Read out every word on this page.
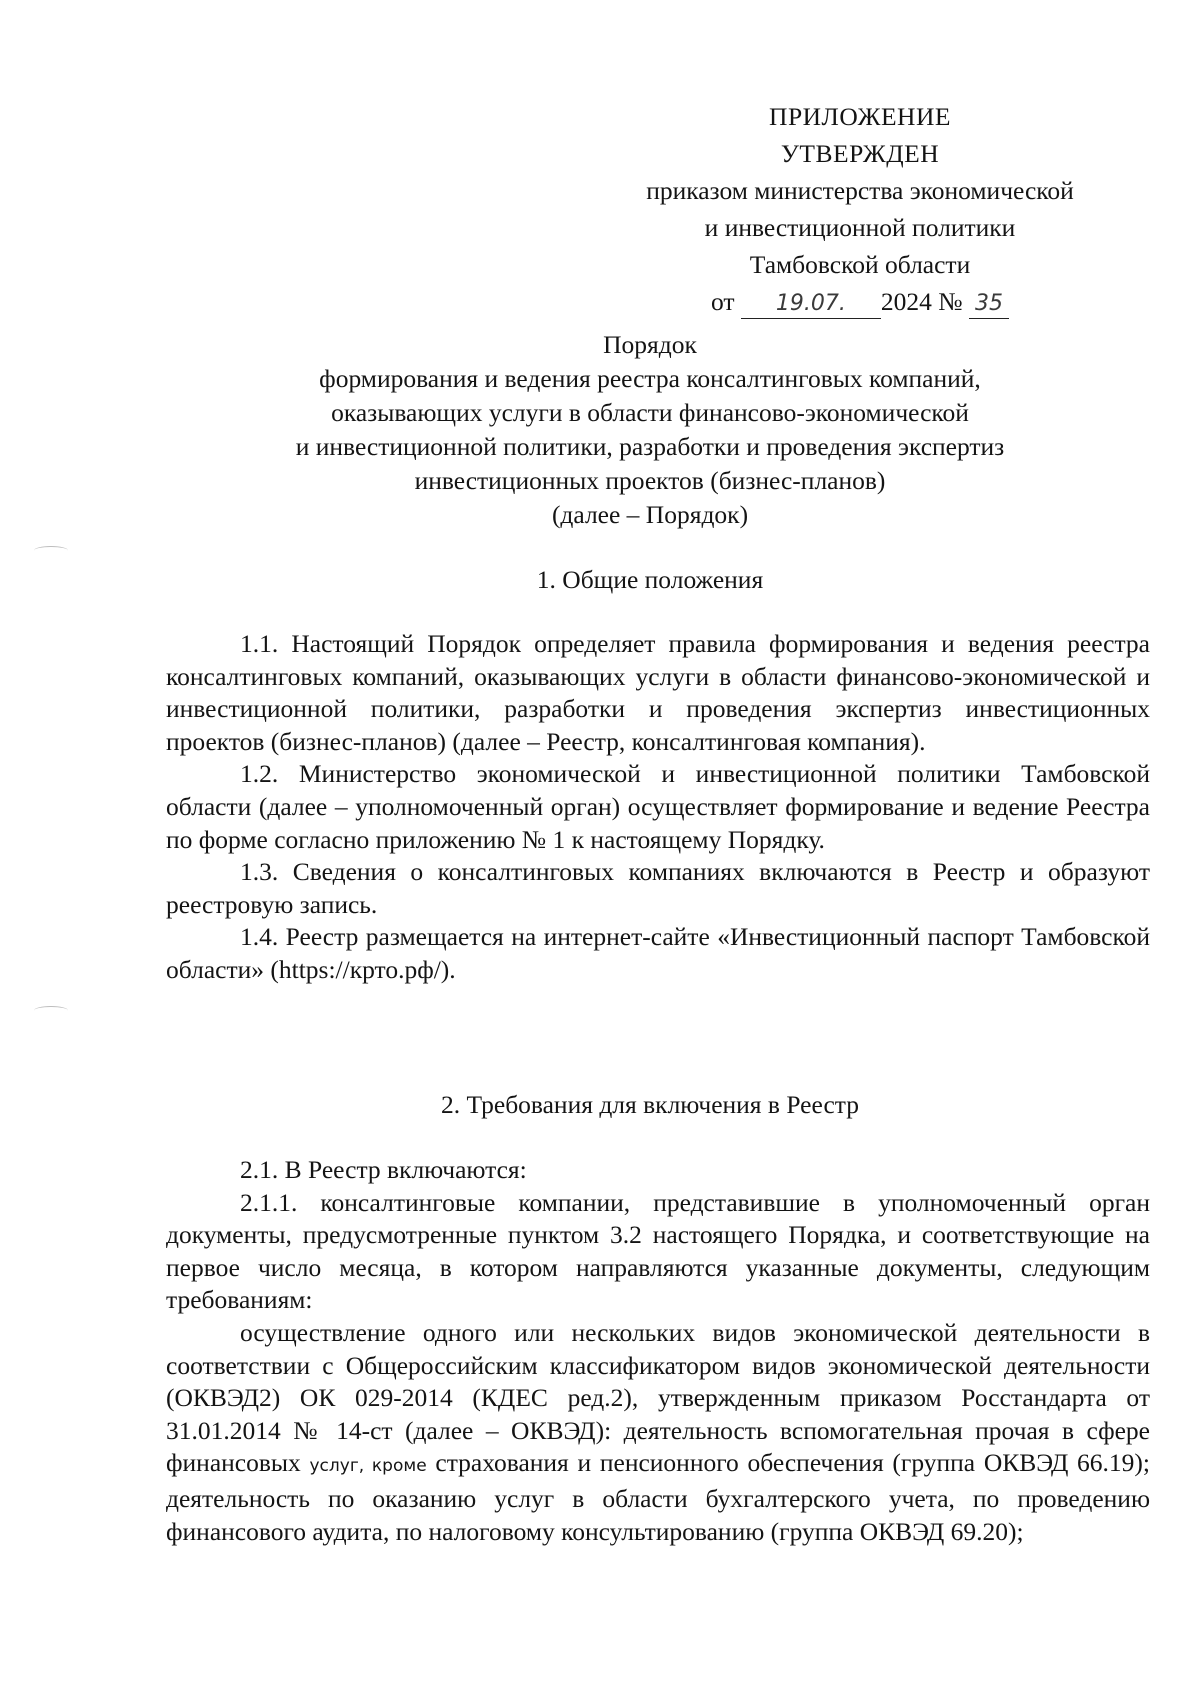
ПРИЛОЖЕНИЕ
УТВЕРЖДЕН
приказом министерства экономической
и инвестиционной политики
Тамбовской области
от 19.07. 2024 № 35
Порядок
формирования и ведения реестра консалтинговых компаний,
оказывающих услуги в области финансово-экономической
и инвестиционной политики, разработки и проведения экспертиз
инвестиционных проектов (бизнес-планов)
(далее – Порядок)
1. Общие положения

1.1. Настоящий Порядок определяет правила формирования и ведения реестра консалтинговых компаний, оказывающих услуги в области финансово-экономической и инвестиционной политики, разработки и проведения экспертиз инвестиционных проектов (бизнес-планов) (далее – Реестр, консалтинговая компания).

1.2. Министерство экономической и инвестиционной политики Тамбовской области (далее – уполномоченный орган) осуществляет формирование и ведение Реестра по форме согласно приложению № 1 к настоящему Порядку.

1.3. Сведения о консалтинговых компаниях включаются в Реестр и образуют реестровую запись.

1.4. Реестр размещается на интернет-сайте «Инвестиционный паспорт Тамбовской области» (https://крто.рф/).

2. Требования для включения в Реестр

2.1. В Реестр включаются:

2.1.1. консалтинговые компании, представившие в уполномоченный орган документы, предусмотренные пунктом 3.2 настоящего Порядка, и соответствующие на первое число месяца, в котором направляются указанные документы, следующим требованиям:

осуществление одного или нескольких видов экономической деятельности в соответствии с Общероссийским классификатором видов экономической деятельности (ОКВЭД2) ОК 029-2014 (КДЕС ред.2), утвержденным приказом Росстандарта от 31.01.2014 № 14-ст (далее – ОКВЭД): деятельность вспомогательная прочая в сфере финансовых услуг, кроме страхования и пенсионного обеспечения (группа ОКВЭД 66.19); деятельность по оказанию услуг в области бухгалтерского учета, по проведению финансового аудита, по налоговому консультированию (группа ОКВЭД 69.20);
